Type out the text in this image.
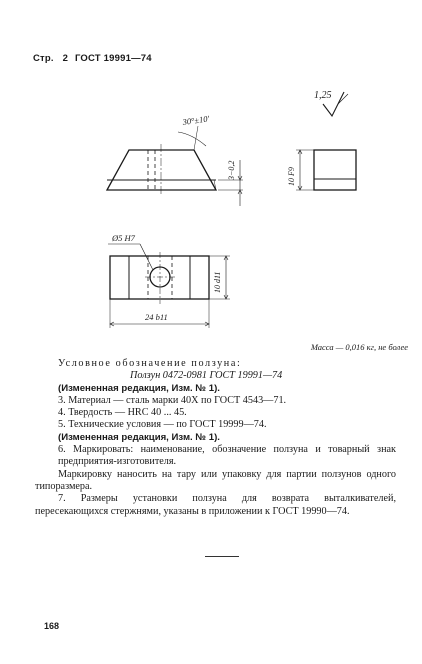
Стр. 2 ГОСТ 19991—74
1,25
30°±10'
3−0,2	10 F9
Ø5 H7
10 d11
24 b11
Масса — 0,016 кг, не более

Условное обозначение ползуна:

Ползун 0472-0981 ГОСТ 19991—74

(Измененная редакция, Изм. № 1).

3. Материал — сталь марки 40Х по ГОСТ 4543—71.

4. Твердость — HRC 40 ... 45.

5. Технические условия — по ГОСТ 19999—74.

(Измененная редакция, Изм. № 1).

6. Маркировать: наименование, обозначение ползуна и товарный знак предприятия-изготовителя.

Маркировку наносить на тару или упаковку для партии ползунов одного типоразмера.

7. Размеры установки ползуна для возврата выталкивателей, пересекающихся стержнями, указаны в приложении к ГОСТ 19990—74.

168
